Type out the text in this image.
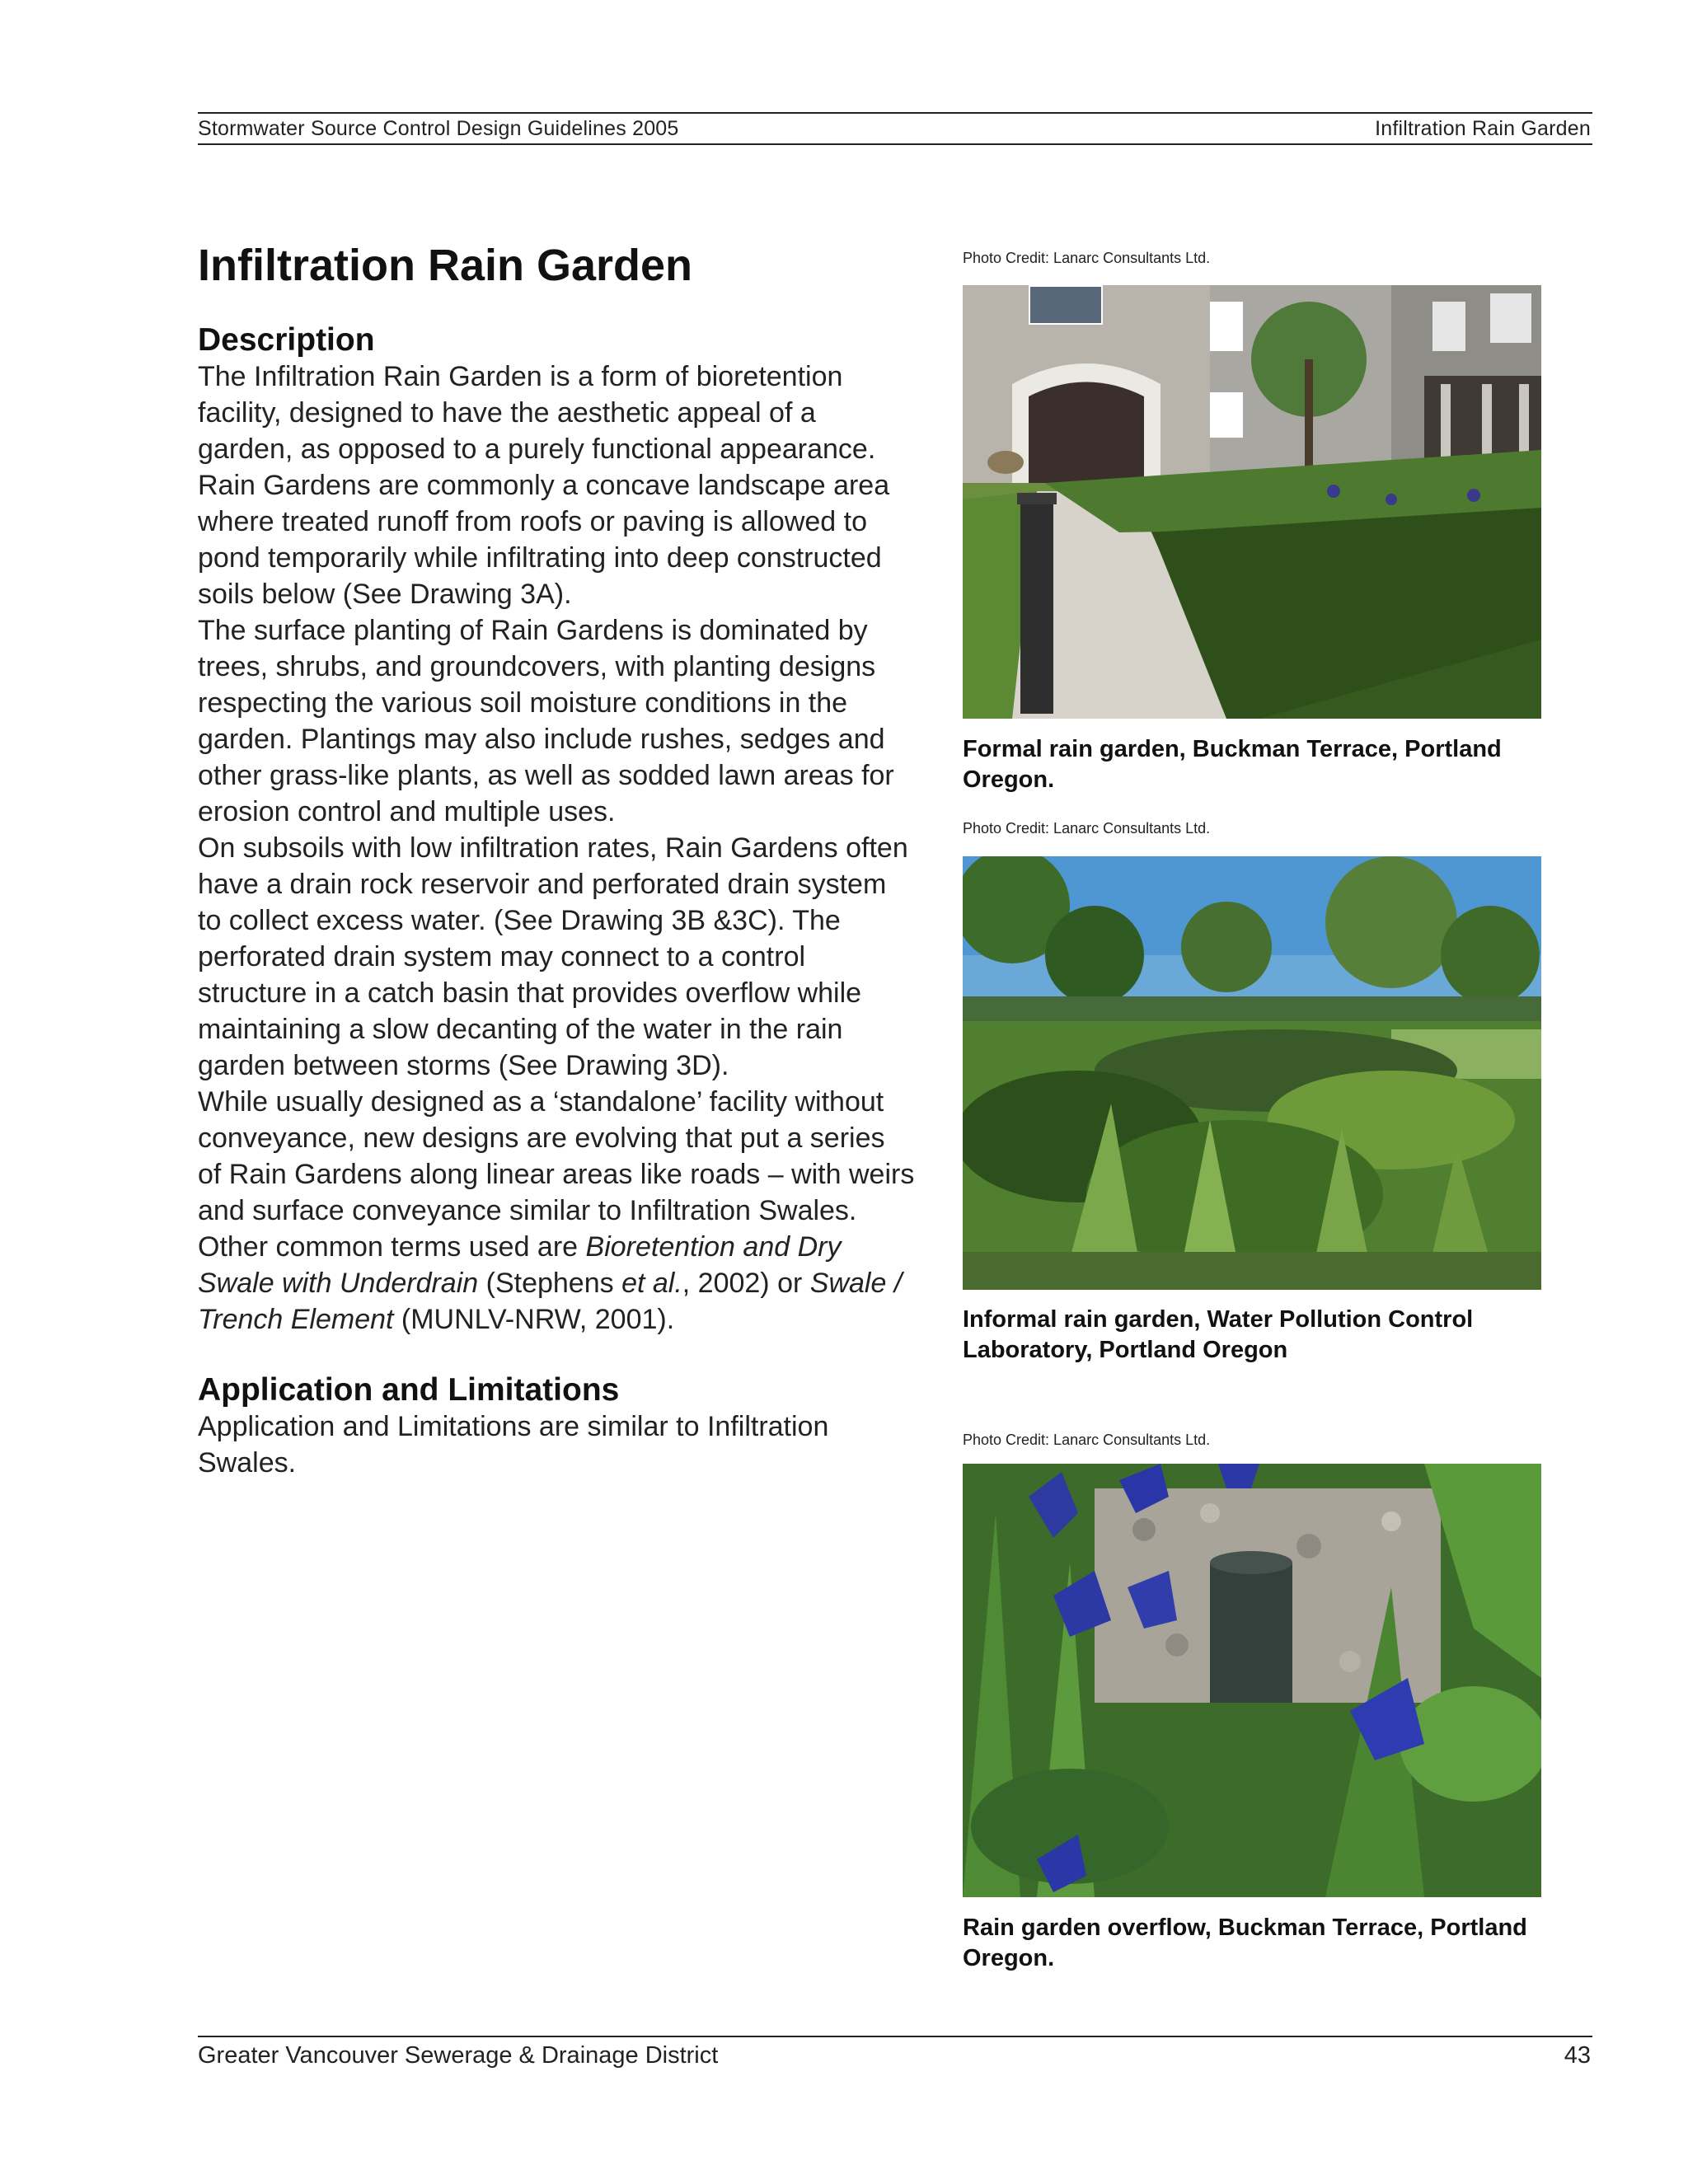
Stormwater Source Control Design Guidelines 2005	Infiltration Rain Garden
Infiltration Rain Garden
Description

The Infiltration Rain Garden is a form of bioretention facility, designed to have the aesthetic appeal of a garden, as opposed to a purely functional appearance. Rain Gardens are commonly a concave landscape area where treated runoff from roofs or paving is allowed to pond temporarily while infiltrating into deep constructed soils below (See Drawing 3A).

The surface planting of Rain Gardens is dominated by trees, shrubs, and groundcovers, with planting designs respecting the various soil moisture conditions in the garden. Plantings may also include rushes, sedges and other grass-like plants, as well as sodded lawn areas for erosion control and multiple uses.

On subsoils with low infiltration rates, Rain Gardens often have a drain rock reservoir and perforated drain system to collect excess water. (See Drawing 3B &3C). The perforated drain system may connect to a control structure in a catch basin that provides overflow while maintaining a slow decanting of the water in the rain garden between storms (See Drawing 3D).

While usually designed as a ‘standalone’ facility without conveyance, new designs are evolving that put a series of Rain Gardens along linear areas like roads – with weirs and surface conveyance similar to Infiltration Swales.

Other common terms used are Bioretention and Dry Swale with Underdrain (Stephens et al., 2002) or Swale / Trench Element (MUNLV-NRW, 2001).

Application and Limitations

Application and Limitations are similar to Infiltration Swales.

Photo Credit: Lanarc Consultants Ltd.

Formal rain garden, Buckman Terrace, Portland Oregon.

Photo Credit: Lanarc Consultants Ltd.

Informal rain garden, Water Pollution Control Laboratory, Portland Oregon

Photo Credit: Lanarc Consultants Ltd.

Rain garden overflow, Buckman Terrace, Portland Oregon.

Greater Vancouver Sewerage & Drainage District	43
